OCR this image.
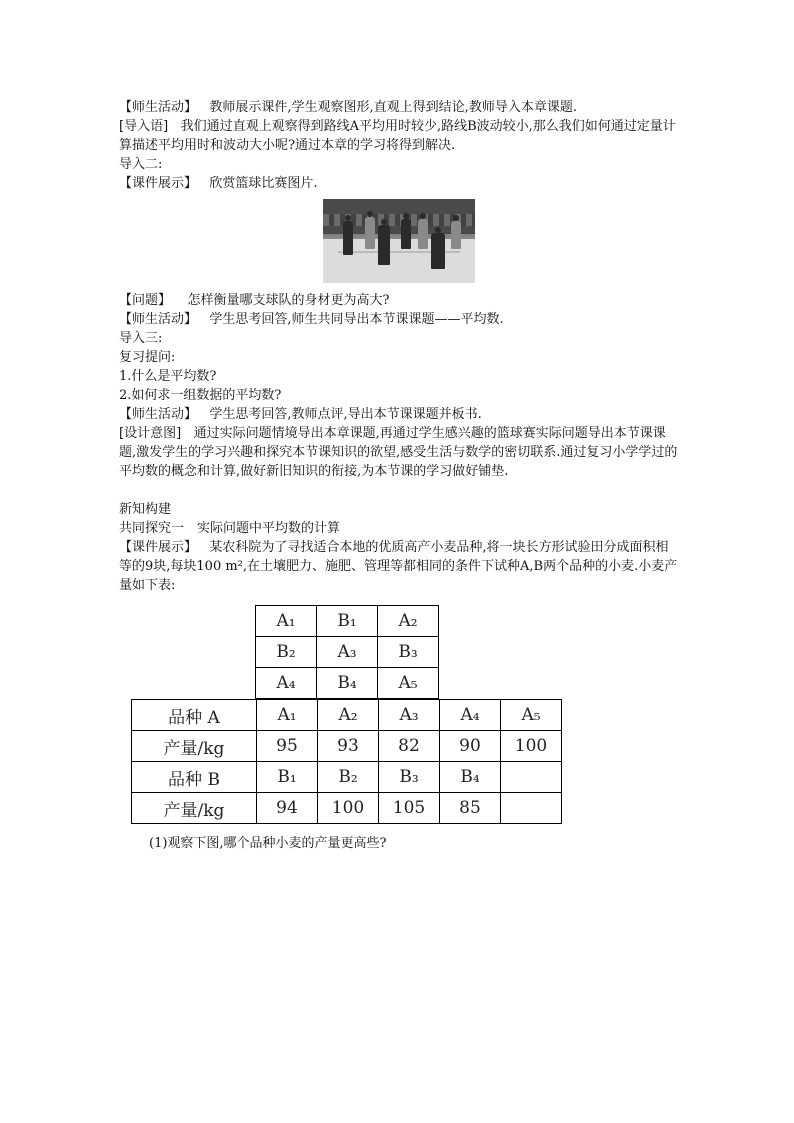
【师生活动】 教师展示课件,学生观察图形,直观上得到结论,教师导入本章课题.
[导入语] 我们通过直观上观察得到路线A平均用时较少,路线B波动较小,那么我们如何通过定量计算描述平均用时和波动大小呢?通过本章的学习将得到解决.
导入二:
【课件展示】 欣赏篮球比赛图片.
【问题】 怎样衡量哪支球队的身材更为高大?
【师生活动】 学生思考回答,师生共同导出本节课课题——平均数.
导入三:
复习提问:
1.什么是平均数?
2.如何求一组数据的平均数?
【师生活动】 学生思考回答,教师点评,导出本节课课题并板书.
[设计意图] 通过实际问题情境导出本章课题,再通过学生感兴趣的篮球赛实际问题导出本节课课题,激发学生的学习兴趣和探究本节课知识的欲望,感受生活与数学的密切联系.通过复习小学学过的平均数的概念和计算,做好新旧知识的衔接,为本节课的学习做好铺垫.
新知构建
共同探究一　实际问题中平均数的计算
【课件展示】 某农科院为了寻找适合本地的优质高产小麦品种,将一块长方形试验田分成面积相等的9块,每块100 m²,在土壤肥力、施肥、管理等都相同的条件下试种A,B两个品种的小麦.小麦产量如下表:
A₁	B₁	A₂
B₂	A₃	B₃
A₄	B₄	A₅
品种 A	A₁	A₂	A₃	A₄	A₅
产量/kg	95	93	82	90	100
品种 B	B₁	B₂	B₃	B₄	
产量/kg	94	100	105	85	
(1)观察下图,哪个品种小麦的产量更高些?
